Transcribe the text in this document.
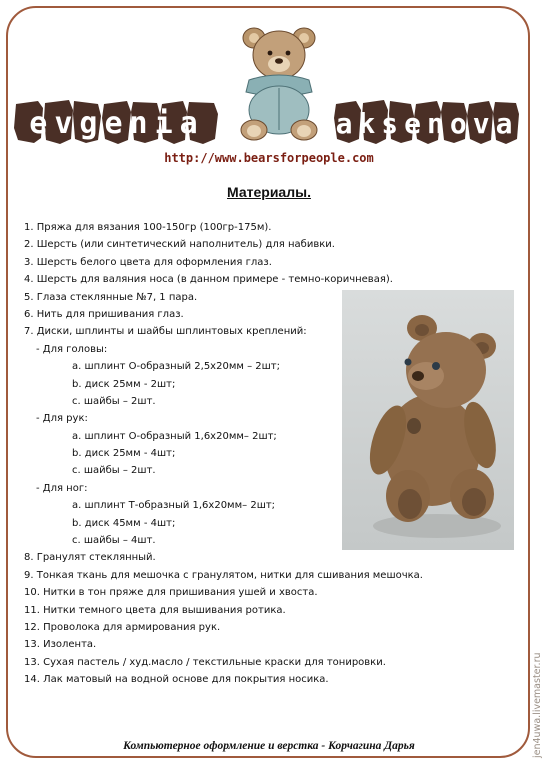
evgenia	aksenova
http://www.bearsforpeople.com
Материалы.
1. Пряжа для вязания 100-150гр (100гр-175м).
2. Шерсть (или синтетический наполнитель) для набивки.
3. Шерсть белого цвета для оформления глаз.
4. Шерсть для валяния носа (в данном примере - темно-коричневая).
5. Глаза стеклянные №7, 1 пара.
6. Нить для пришивания глаз.
7. Диски, шплинты и шайбы шплинтовых креплений:
- Для головы:
a. шплинт О-образный 2,5х20мм – 2шт;
b. диск 25мм - 2шт;
c. шайбы – 2шт.
- Для рук:
a. шплинт О-образный 1,6х20мм– 2шт;
b. диск 25мм - 4шт;
c. шайбы – 2шт.
- Для ног:
a. шплинт Т-образный 1,6х20мм– 2шт;
b. диск 45мм - 4шт;
c. шайбы – 4шт.
8. Гранулят стеклянный.
9. Тонкая ткань для мешочка с гранулятом, нитки для сшивания мешочка.
10. Нитки в тон пряже для пришивания ушей и хвоста.
11. Нитки темного цвета для вышивания ротика.
12. Проволока для армирования рук.
13. Изолента.
13. Сухая пастель / худ.масло / текстильные краски для тонировки.
14. Лак матовый на водной основе для покрытия носика.
Компьютерное оформление и верстка - Корчагина Дарья	jen4uwa.livemaster.ru
